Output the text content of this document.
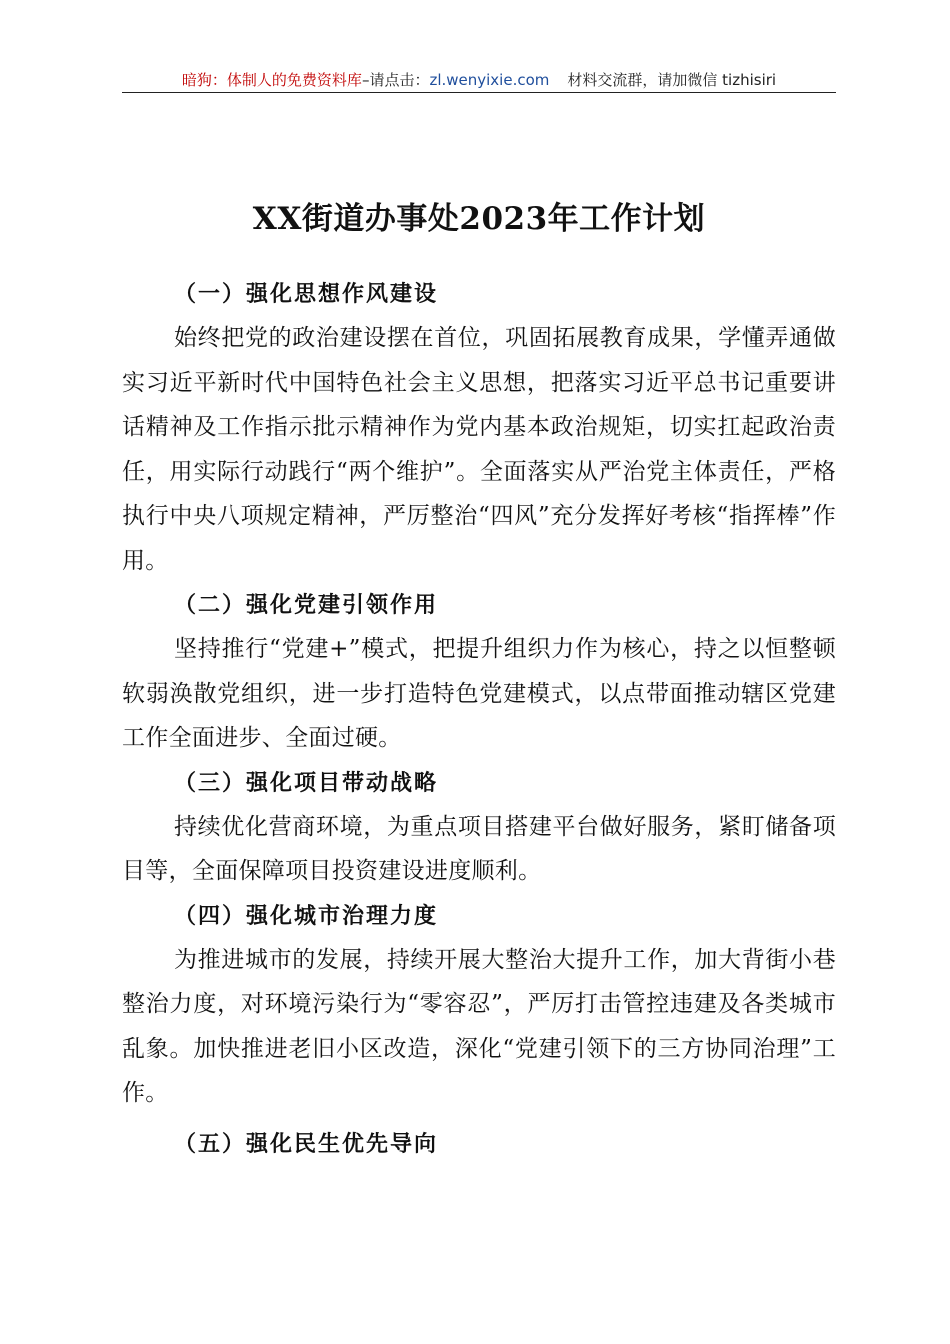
暗狗：体制人的免费资料库–请点击：zl.wenyixie.com 材料交流群，请加微信 tizhisiri
XX街道办事处2023年工作计划

（一）强化思想作风建设

始终把党的政治建设摆在首位，巩固拓展教育成果，学懂弄通做实习近平新时代中国特色社会主义思想，把落实习近平总书记重要讲话精神及工作指示批示精神作为党内基本政治规矩，切实扛起政治责任，用实际行动践行“两个维护”。全面落实从严治党主体责任，严格执行中央八项规定精神，严厉整治“四风”充分发挥好考核“指挥棒”作用。

（二）强化党建引领作用

坚持推行“党建+”模式，把提升组织力作为核心，持之以恒整顿软弱涣散党组织，进一步打造特色党建模式，以点带面推动辖区党建工作全面进步、全面过硬。

（三）强化项目带动战略

持续优化营商环境，为重点项目搭建平台做好服务，紧盯储备项目等，全面保障项目投资建设进度顺利。

（四）强化城市治理力度

为推进城市的发展，持续开展大整治大提升工作，加大背街小巷整治力度，对环境污染行为“零容忍”，严厉打击管控违建及各类城市乱象。加快推进老旧小区改造，深化“党建引领下的三方协同治理”工作。

（五）强化民生优先导向
